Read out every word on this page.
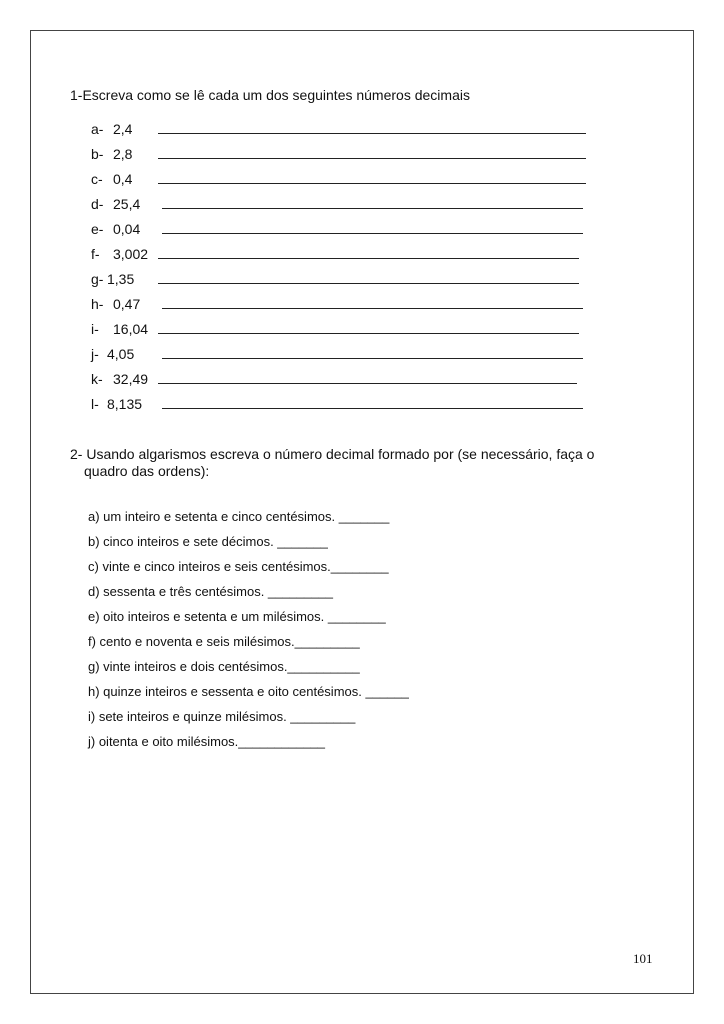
1-Escreva como se lê cada um dos seguintes números decimais
a- 2,4
b- 2,8
c- 0,4
d- 25,4
e- 0,04
f- 3,002
g- 1,35
h- 0,47
i- 16,04
j- 4,05
k- 32,49
l- 8,135
2- Usando algarismos escreva o número decimal formado por (se necessário, faça o
quadro das ordens):
a) um inteiro e setenta e cinco centésimos. _______
b) cinco inteiros e sete décimos. _______
c) vinte e cinco inteiros e seis centésimos.________
d) sessenta e três centésimos. _________
e) oito inteiros e setenta e um milésimos. ________
f) cento e noventa e seis milésimos._________
g) vinte inteiros e dois centésimos.__________
h) quinze inteiros e sessenta e oito centésimos. ______
i) sete inteiros e quinze milésimos. _________
j) oitenta e oito milésimos.____________
101
